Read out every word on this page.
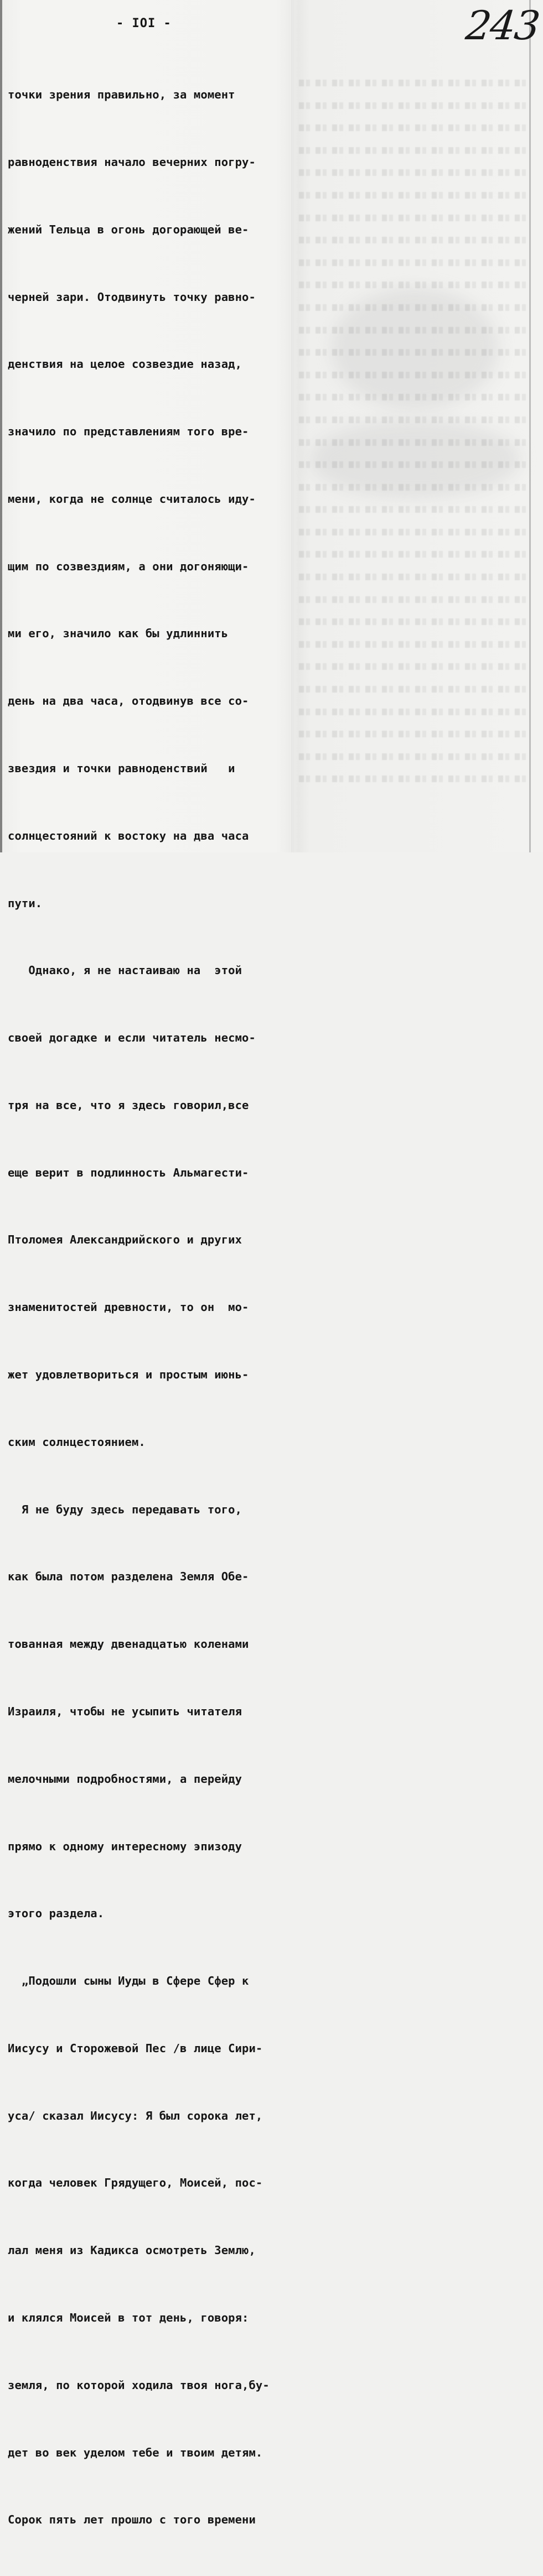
- IOI -	243

точки зрения правильно, за момент

равноденствия начало вечерних погру-

жений Тельца в огонь догорающей ве-

черней зари. Отодвинуть точку равно-

денствия на целое созвездие назад,

значило по представлениям того вре-

мени, когда не солнце считалось иду-

щим по созвездиям, а они догоняющи-

ми его, значило как бы удлиннить

день на два часа, отодвинув все со-

звездия и точки равноденствий   и

солнцестояний к востоку на два часа

пути.

Однако, я не настаиваю на  этой

своей догадке и если читатель несмо-

тря на все, что я здесь говорил,все

еще верит в подлинность Альмагести-

Птоломея Александрийского и других

знаменитостей древности, то он  мо-

жет удовлетвориться и простым июнь-

ским солнцестоянием.

Я не буду здесь передавать того,

как была потом разделена Земля Обе-

тованная между двенадцатью коленами

Израиля, чтобы не усыпить читателя

мелочными подробностями, а перейду

прямо к одному интересному эпизоду

этого раздела.

„Подошли сыны Иуды в Сфере Сфер к

Иисусу и Сторожевой Пес /в лице Сири-

уса/ сказал Иисусу: Я был сорока лет,

когда человек Грядущего, Моисей, пос-

лал меня из Кадикса осмотреть Землю,

и клялся Моисей в тот день, говоря:

земля, по которой ходила твоя нога,бу-

дет во век уделом тебе и твоим детям.

Сорок пять лет прошло с того времени
